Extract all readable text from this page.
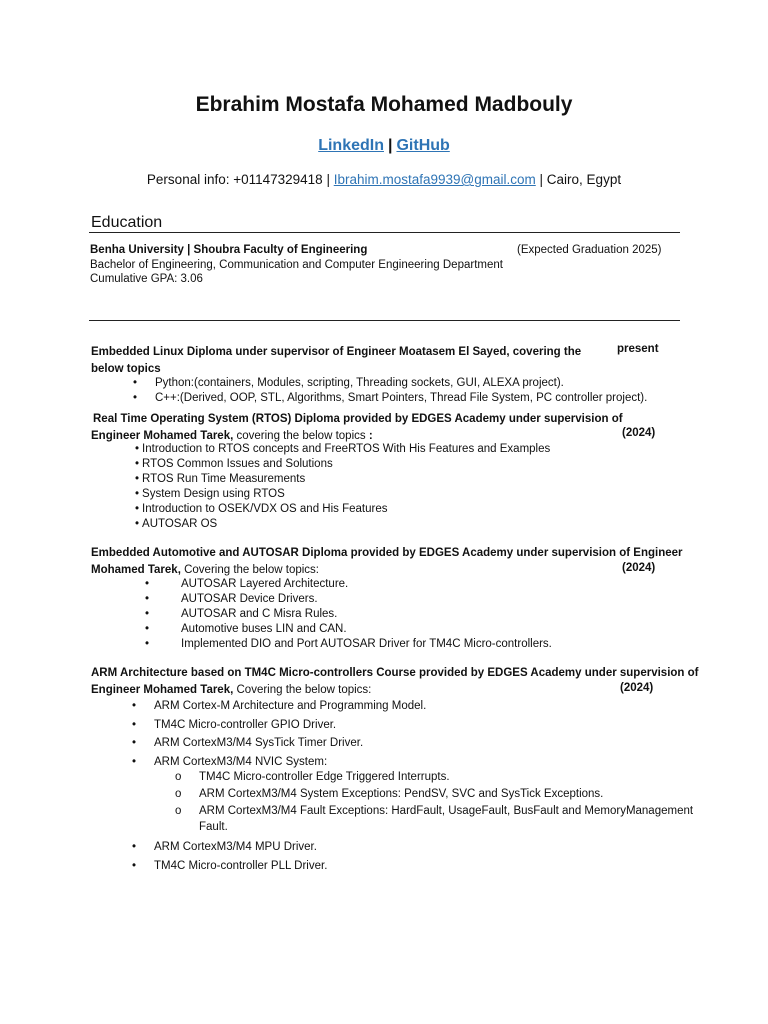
Ebrahim Mostafa Mohamed Madbouly
LinkedIn | GitHub
Personal info: +01147329418 | Ibrahim.mostafa9939@gmail.com | Cairo, Egypt
Education
Benha University | Shoubra Faculty of Engineering	(Expected Graduation 2025)
Bachelor of Engineering, Communication and Computer Engineering Department
Cumulative GPA: 3.06
Embedded Linux Diploma under supervisor of Engineer Moatasem El Sayed, covering the
below topics
present
• Python:(containers, Modules, scripting, Threading sockets, GUI, ALEXA project).
• C++:(Derived, OOP, STL, Algorithms, Smart Pointers, Thread File System, PC controller project).
Real Time Operating System (RTOS) Diploma provided by EDGES Academy under supervision of
Engineer Mohamed Tarek, covering the below topics :	(2024)
• Introduction to RTOS concepts and FreeRTOS With His Features and Examples
• RTOS Common Issues and Solutions
• RTOS Run Time Measurements
• System Design using RTOS
• Introduction to OSEK/VDX OS and His Features
• AUTOSAR OS
Embedded Automotive and AUTOSAR Diploma provided by EDGES Academy under supervision of Engineer
Mohamed Tarek, Covering the below topics:	(2024)
•	AUTOSAR Layered Architecture.
•	AUTOSAR Device Drivers.
•	AUTOSAR and C Misra Rules.
•	Automotive buses LIN and CAN.
•	Implemented DIO and Port AUTOSAR Driver for TM4C Micro-controllers.
ARM Architecture based on TM4C Micro-controllers Course provided by EDGES Academy under supervision of
Engineer Mohamed Tarek, Covering the below topics:	(2024)
• ARM Cortex-M Architecture and Programming Model.
• TM4C Micro-controller GPIO Driver.
• ARM CortexM3/M4 SysTick Timer Driver.
• ARM CortexM3/M4 NVIC System:
o TM4C Micro-controller Edge Triggered Interrupts.
o ARM CortexM3/M4 System Exceptions: PendSV, SVC and SysTick Exceptions.
o ARM CortexM3/M4 Fault Exceptions: HardFault, UsageFault, BusFault and MemoryManagement
Fault.
• ARM CortexM3/M4 MPU Driver.
• TM4C Micro-controller PLL Driver.
